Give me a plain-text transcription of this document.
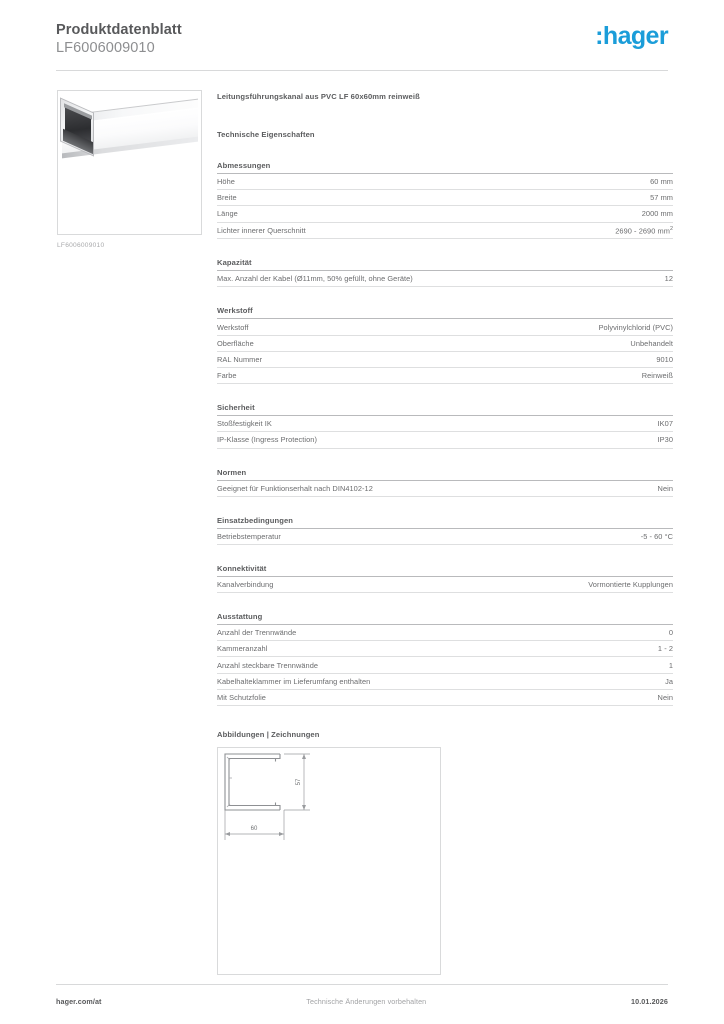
Produktdatenblatt
LF6006009010	:hager
LF6006009010
Leitungsführungskanal aus PVC LF 60x60mm reinweiß
Technische Eigenschaften
Abmessungen
Höhe	60 mm
Breite	57 mm
Länge	2000 mm
Lichter innerer Querschnitt	2690 - 2690 $mm^2$
Kapazität
Max. Anzahl der Kabel (Ø11mm, 50% gefüllt, ohne Geräte)	12
Werkstoff
Werkstoff	Polyvinylchlorid (PVC)
Oberfläche	Unbehandelt
RAL Nummer	9010
Farbe	Reinweiß
Sicherheit
Stoßfestigkeit IK	IK07
IP-Klasse (Ingress Protection)	IP30
Normen
Geeignet für Funktionserhalt nach DIN4102-12	Nein
Einsatzbedingungen
Betriebstemperatur	-5 - 60 °C
Konnektivität
Kanalverbindung	Vormontierte Kupplungen
Ausstattung
Anzahl der Trennwände	0
Kammeranzahl	1 - 2
Anzahl steckbare Trennwände	1
Kabelhalteklammer im Lieferumfang enthalten	Ja
Mit Schutzfolie	Nein
Abbildungen | Zeichnungen
57
60
hager.com/at	Technische Änderungen vorbehalten	10.01.2026
